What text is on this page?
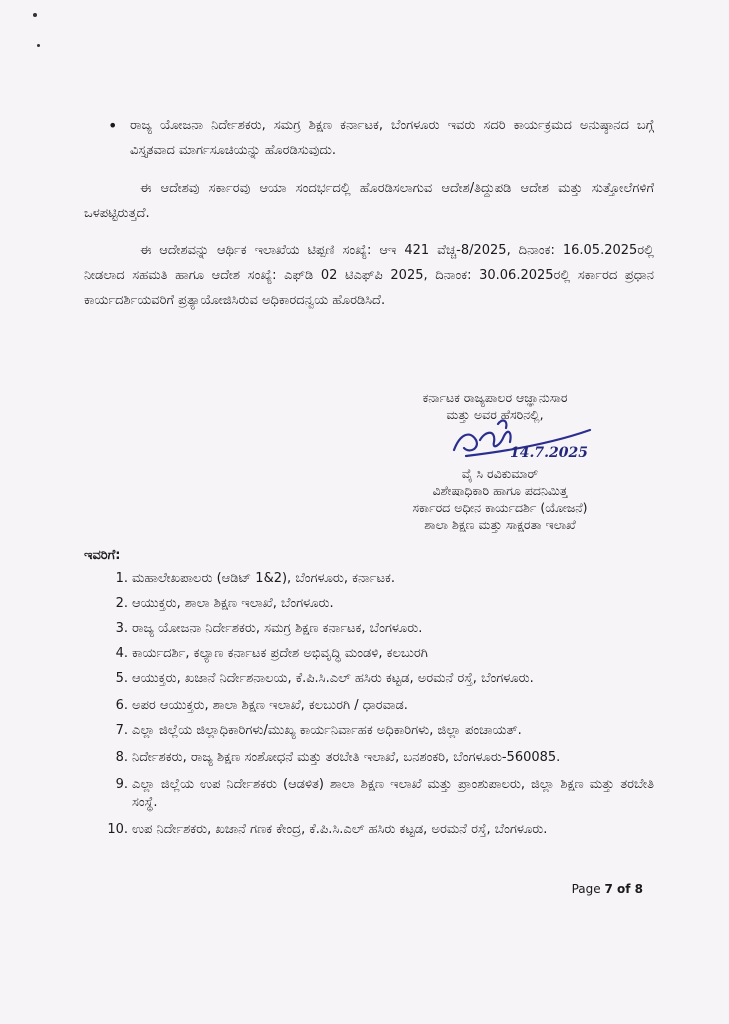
• ರಾಜ್ಯ ಯೋಜನಾ ನಿರ್ದೇಶಕರು, ಸಮಗ್ರ ಶಿಕ್ಷಣ ಕರ್ನಾಟಕ, ಬೆಂಗಳೂರು ಇವರು ಸದರಿ ಕಾರ್ಯಕ್ರಮದ ಅನುಷ್ಠಾನದ ಬಗ್ಗೆ ವಿಸ್ತೃತವಾದ ಮಾರ್ಗಸೂಚಿಯನ್ನು ಹೊರಡಿಸುವುದು.
ಈ ಆದೇಶವು ಸರ್ಕಾರವು ಆಯಾ ಸಂದರ್ಭದಲ್ಲಿ ಹೊರಡಿಸಲಾಗುವ ಆದೇಶ/ತಿದ್ದುಪಡಿ ಆದೇಶ ಮತ್ತು ಸುತ್ತೋಲೆಗಳಿಗೆ ಒಳಪಟ್ಟಿರುತ್ತದೆ.
ಈ ಆದೇಶವನ್ನು ಆರ್ಥಿಕ ಇಲಾಖೆಯ ಟಿಪ್ಪಣಿ ಸಂಖ್ಯೆ: ಆಇ 421 ವೆಚ್ಚ-8/2025, ದಿನಾಂಕ: 16.05.2025ರಲ್ಲಿ ನೀಡಲಾದ ಸಹಮತಿ ಹಾಗೂ ಆದೇಶ ಸಂಖ್ಯೆ: ಎಫ್‌ಡಿ 02 ಟಿಎಫ್‌ಪಿ 2025, ದಿನಾಂಕ: 30.06.2025ರಲ್ಲಿ ಸರ್ಕಾರದ ಪ್ರಧಾನ ಕಾರ್ಯದರ್ಶಿಯವರಿಗೆ ಪ್ರತ್ಯಾಯೋಜಿಸಿರುವ ಅಧಿಕಾರದನ್ವಯ ಹೊರಡಿಸಿದೆ.
ಕರ್ನಾಟಕ ರಾಜ್ಯಪಾಲರ ಆಜ್ಞಾನುಸಾರ
ಮತ್ತು ಅವರ ಹೆಸರಿನಲ್ಲಿ,
14.7.2025
ವೈ ಸಿ ರವಿಕುಮಾರ್
ವಿಶೇಷಾಧಿಕಾರಿ ಹಾಗೂ ಪದನಿಮಿತ್ತ
ಸರ್ಕಾರದ ಅಧೀನ ಕಾರ್ಯದರ್ಶಿ (ಯೋಜನೆ)
ಶಾಲಾ ಶಿಕ್ಷಣ ಮತ್ತು ಸಾಕ್ಷರತಾ ಇಲಾಖೆ
ಇವರಿಗೆ:
1. ಮಹಾಲೇಖಪಾಲರು (ಆಡಿಟ್ 1&2), ಬೆಂಗಳೂರು, ಕರ್ನಾಟಕ.
2. ಆಯುಕ್ತರು, ಶಾಲಾ ಶಿಕ್ಷಣ ಇಲಾಖೆ, ಬೆಂಗಳೂರು.
3. ರಾಜ್ಯ ಯೋಜನಾ ನಿರ್ದೇಶಕರು, ಸಮಗ್ರ ಶಿಕ್ಷಣ ಕರ್ನಾಟಕ, ಬೆಂಗಳೂರು.
4. ಕಾರ್ಯದರ್ಶಿ, ಕಲ್ಯಾಣ ಕರ್ನಾಟಕ ಪ್ರದೇಶ ಅಭಿವೃದ್ಧಿ ಮಂಡಳಿ, ಕಲಬುರಗಿ
5. ಆಯುಕ್ತರು, ಖಜಾನೆ ನಿರ್ದೇಶನಾಲಯ, ಕೆ.ಪಿ.ಸಿ.ಎಲ್ ಹಸಿರು ಕಟ್ಟಡ, ಅರಮನೆ ರಸ್ತೆ, ಬೆಂಗಳೂರು.
6. ಅಪರ ಆಯುಕ್ತರು, ಶಾಲಾ ಶಿಕ್ಷಣ ಇಲಾಖೆ, ಕಲಬುರಗಿ / ಧಾರವಾಡ.
7. ಎಲ್ಲಾ ಜಿಲ್ಲೆಯ ಜಿಲ್ಲಾಧಿಕಾರಿಗಳು/ಮುಖ್ಯ ಕಾರ್ಯನಿರ್ವಾಹಕ ಅಧಿಕಾರಿಗಳು, ಜಿಲ್ಲಾ ಪಂಚಾಯತ್.
8. ನಿರ್ದೇಶಕರು, ರಾಜ್ಯ ಶಿಕ್ಷಣ ಸಂಶೋಧನೆ ಮತ್ತು ತರಬೇತಿ ಇಲಾಖೆ, ಬನಶಂಕರಿ, ಬೆಂಗಳೂರು-560085.
9. ಎಲ್ಲಾ ಜಿಲ್ಲೆಯ ಉಪ ನಿರ್ದೇಶಕರು (ಆಡಳಿತ) ಶಾಲಾ ಶಿಕ್ಷಣ ಇಲಾಖೆ ಮತ್ತು ಪ್ರಾಂಶುಪಾಲರು, ಜಿಲ್ಲಾ ಶಿಕ್ಷಣ ಮತ್ತು ತರಬೇತಿ ಸಂಸ್ಥೆ.
10. ಉಪ ನಿರ್ದೇಶಕರು, ಖಜಾನೆ ಗಣಕ ಕೇಂದ್ರ, ಕೆ.ಪಿ.ಸಿ.ಎಲ್ ಹಸಿರು ಕಟ್ಟಡ, ಅರಮನೆ ರಸ್ತೆ, ಬೆಂಗಳೂರು.
Page 7 of 8
